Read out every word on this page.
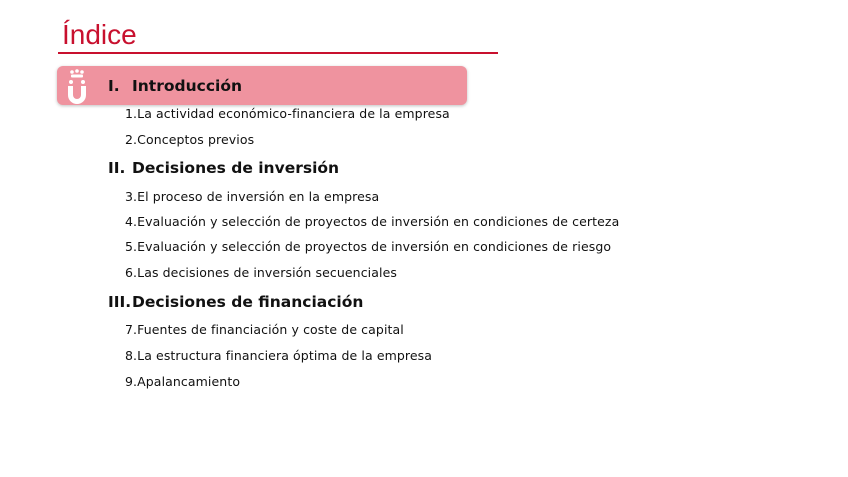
Índice
I. Introducción
1.La actividad económico-financiera de la empresa
2.Conceptos previos
II. Decisiones de inversión
3.El proceso de inversión en la empresa
4.Evaluación y selección de proyectos de inversión en condiciones de certeza
5.Evaluación y selección de proyectos de inversión en condiciones de riesgo
6.Las decisiones de inversión secuenciales
III.Decisiones de financiación
7.Fuentes de financiación y coste de capital
8.La estructura financiera óptima de la empresa
9.Apalancamiento
